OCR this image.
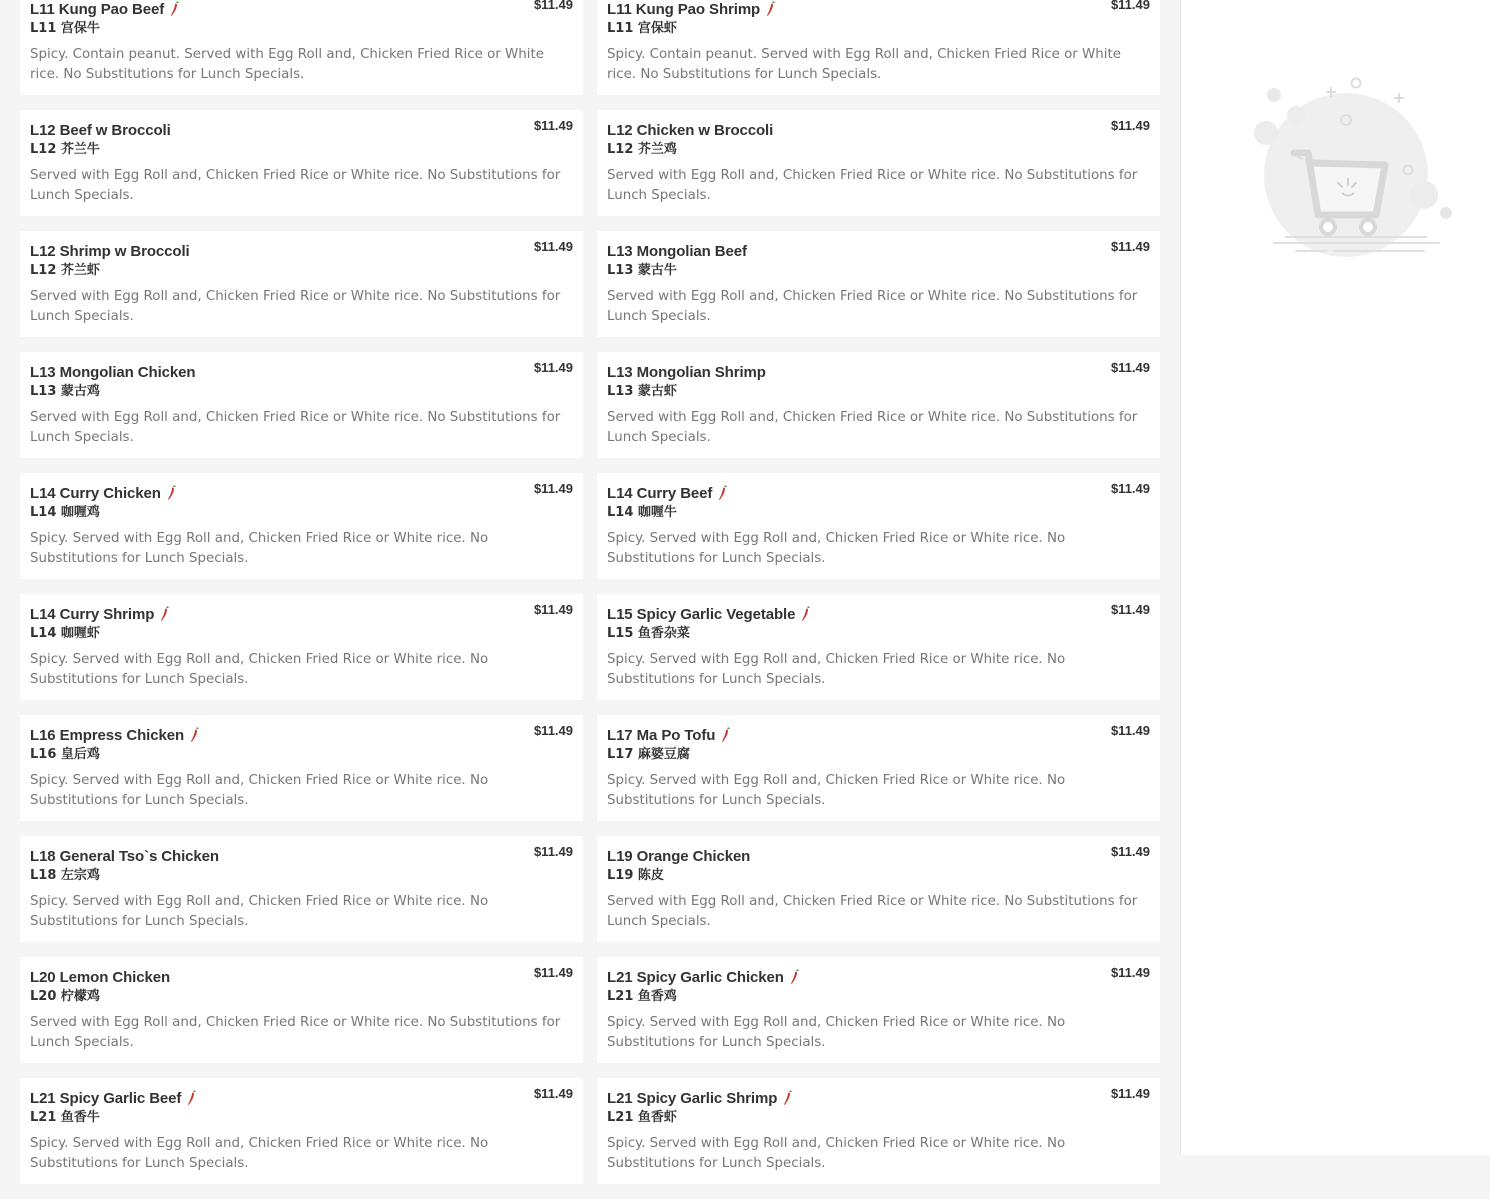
L11 Kung Pao Beef
L11 宫保牛
$11.49
Spicy. Contain peanut. Served with Egg Roll and, Chicken Fried Rice or White rice. No Substitutions for Lunch Specials.
L11 Kung Pao Shrimp
L11 宫保虾
$11.49
Spicy. Contain peanut. Served with Egg Roll and, Chicken Fried Rice or White rice. No Substitutions for Lunch Specials.
L12 Beef w Broccoli
L12 芥兰牛
$11.49
Served with Egg Roll and, Chicken Fried Rice or White rice. No Substitutions for Lunch Specials.
L12 Chicken w Broccoli
L12 芥兰鸡
$11.49
Served with Egg Roll and, Chicken Fried Rice or White rice. No Substitutions for Lunch Specials.
L12 Shrimp w Broccoli
L12 芥兰虾
$11.49
Served with Egg Roll and, Chicken Fried Rice or White rice. No Substitutions for Lunch Specials.
L13 Mongolian Beef
L13 蒙古牛
$11.49
Served with Egg Roll and, Chicken Fried Rice or White rice. No Substitutions for Lunch Specials.
L13 Mongolian Chicken
L13 蒙古鸡
$11.49
Served with Egg Roll and, Chicken Fried Rice or White rice. No Substitutions for Lunch Specials.
L13 Mongolian Shrimp
L13 蒙古虾
$11.49
Served with Egg Roll and, Chicken Fried Rice or White rice. No Substitutions for Lunch Specials.
L14 Curry Chicken
L14 咖喱鸡
$11.49
Spicy. Served with Egg Roll and, Chicken Fried Rice or White rice. No Substitutions for Lunch Specials.
L14 Curry Beef
L14 咖喱牛
$11.49
Spicy. Served with Egg Roll and, Chicken Fried Rice or White rice. No Substitutions for Lunch Specials.
L14 Curry Shrimp
L14 咖喱虾
$11.49
Spicy. Served with Egg Roll and, Chicken Fried Rice or White rice. No Substitutions for Lunch Specials.
L15 Spicy Garlic Vegetable
L15 鱼香杂菜
$11.49
Spicy. Served with Egg Roll and, Chicken Fried Rice or White rice. No Substitutions for Lunch Specials.
L16 Empress Chicken
L16 皇后鸡
$11.49
Spicy. Served with Egg Roll and, Chicken Fried Rice or White rice. No Substitutions for Lunch Specials.
L17 Ma Po Tofu
L17 麻婆豆腐
$11.49
Spicy. Served with Egg Roll and, Chicken Fried Rice or White rice. No Substitutions for Lunch Specials.
L18 General Tso`s Chicken
L18 左宗鸡
$11.49
Spicy. Served with Egg Roll and, Chicken Fried Rice or White rice. No Substitutions for Lunch Specials.
L19 Orange Chicken
L19 陈皮
$11.49
Served with Egg Roll and, Chicken Fried Rice or White rice. No Substitutions for Lunch Specials.
L20 Lemon Chicken
L20 柠檬鸡
$11.49
Served with Egg Roll and, Chicken Fried Rice or White rice. No Substitutions for Lunch Specials.
L21 Spicy Garlic Chicken
L21 鱼香鸡
$11.49
Spicy. Served with Egg Roll and, Chicken Fried Rice or White rice. No Substitutions for Lunch Specials.
L21 Spicy Garlic Beef
L21 鱼香牛
$11.49
Spicy. Served with Egg Roll and, Chicken Fried Rice or White rice. No Substitutions for Lunch Specials.
L21 Spicy Garlic Shrimp
L21 鱼香虾
$11.49
Spicy. Served with Egg Roll and, Chicken Fried Rice or White rice. No Substitutions for Lunch Specials.
